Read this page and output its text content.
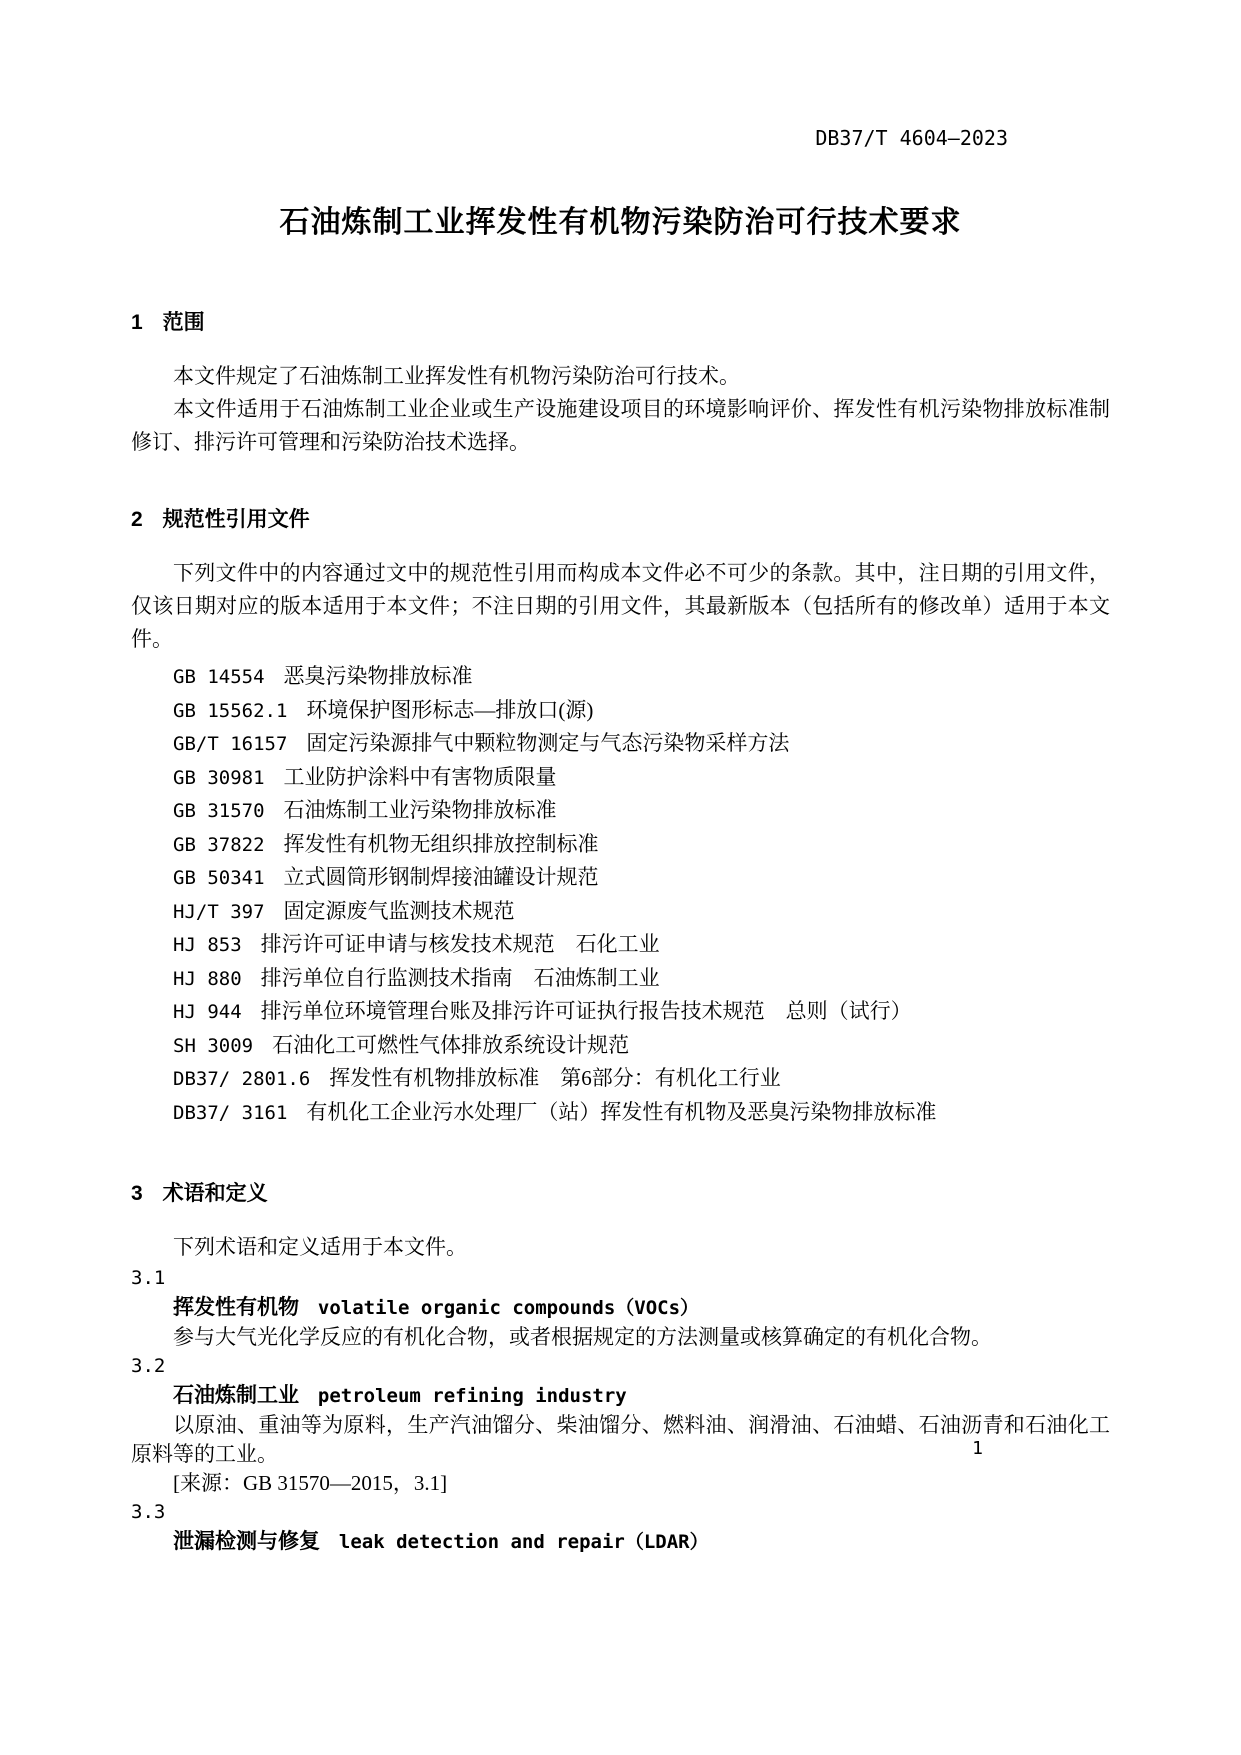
DB37/T 4604—2023
石油炼制工业挥发性有机物污染防治可行技术要求
1 范围

本文件规定了石油炼制工业挥发性有机物污染防治可行技术。

本文件适用于石油炼制工业企业或生产设施建设项目的环境影响评价、挥发性有机污染物排放标准制修订、排污许可管理和污染防治技术选择。

2 规范性引用文件

下列文件中的内容通过文中的规范性引用而构成本文件必不可少的条款。其中，注日期的引用文件，仅该日期对应的版本适用于本文件；不注日期的引用文件，其最新版本（包括所有的修改单）适用于本文件。

GB 14554 恶臭污染物排放标准
GB 15562.1 环境保护图形标志—排放口(源)
GB/T 16157 固定污染源排气中颗粒物测定与气态污染物采样方法
GB 30981 工业防护涂料中有害物质限量
GB 31570 石油炼制工业污染物排放标准
GB 37822 挥发性有机物无组织排放控制标准
GB 50341 立式圆筒形钢制焊接油罐设计规范
HJ/T 397 固定源废气监测技术规范
HJ 853 排污许可证申请与核发技术规范　石化工业
HJ 880 排污单位自行监测技术指南　石油炼制工业
HJ 944 排污单位环境管理台账及排污许可证执行报告技术规范　总则（试行）
SH 3009 石油化工可燃性气体排放系统设计规范
DB37/ 2801.6 挥发性有机物排放标准　第6部分：有机化工行业
DB37/ 3161 有机化工企业污水处理厂（站）挥发性有机物及恶臭污染物排放标准
3 术语和定义

下列术语和定义适用于本文件。

3.1
挥发性有机物 volatile organic compounds（VOCs）

参与大气光化学反应的有机化合物，或者根据规定的方法测量或核算确定的有机化合物。

3.2
石油炼制工业 petroleum refining industry

以原油、重油等为原料，生产汽油馏分、柴油馏分、燃料油、润滑油、石油蜡、石油沥青和石油化工原料等的工业。

[来源：GB 31570—2015，3.1]

3.3
泄漏检测与修复 leak detection and repair（LDAR）
1
